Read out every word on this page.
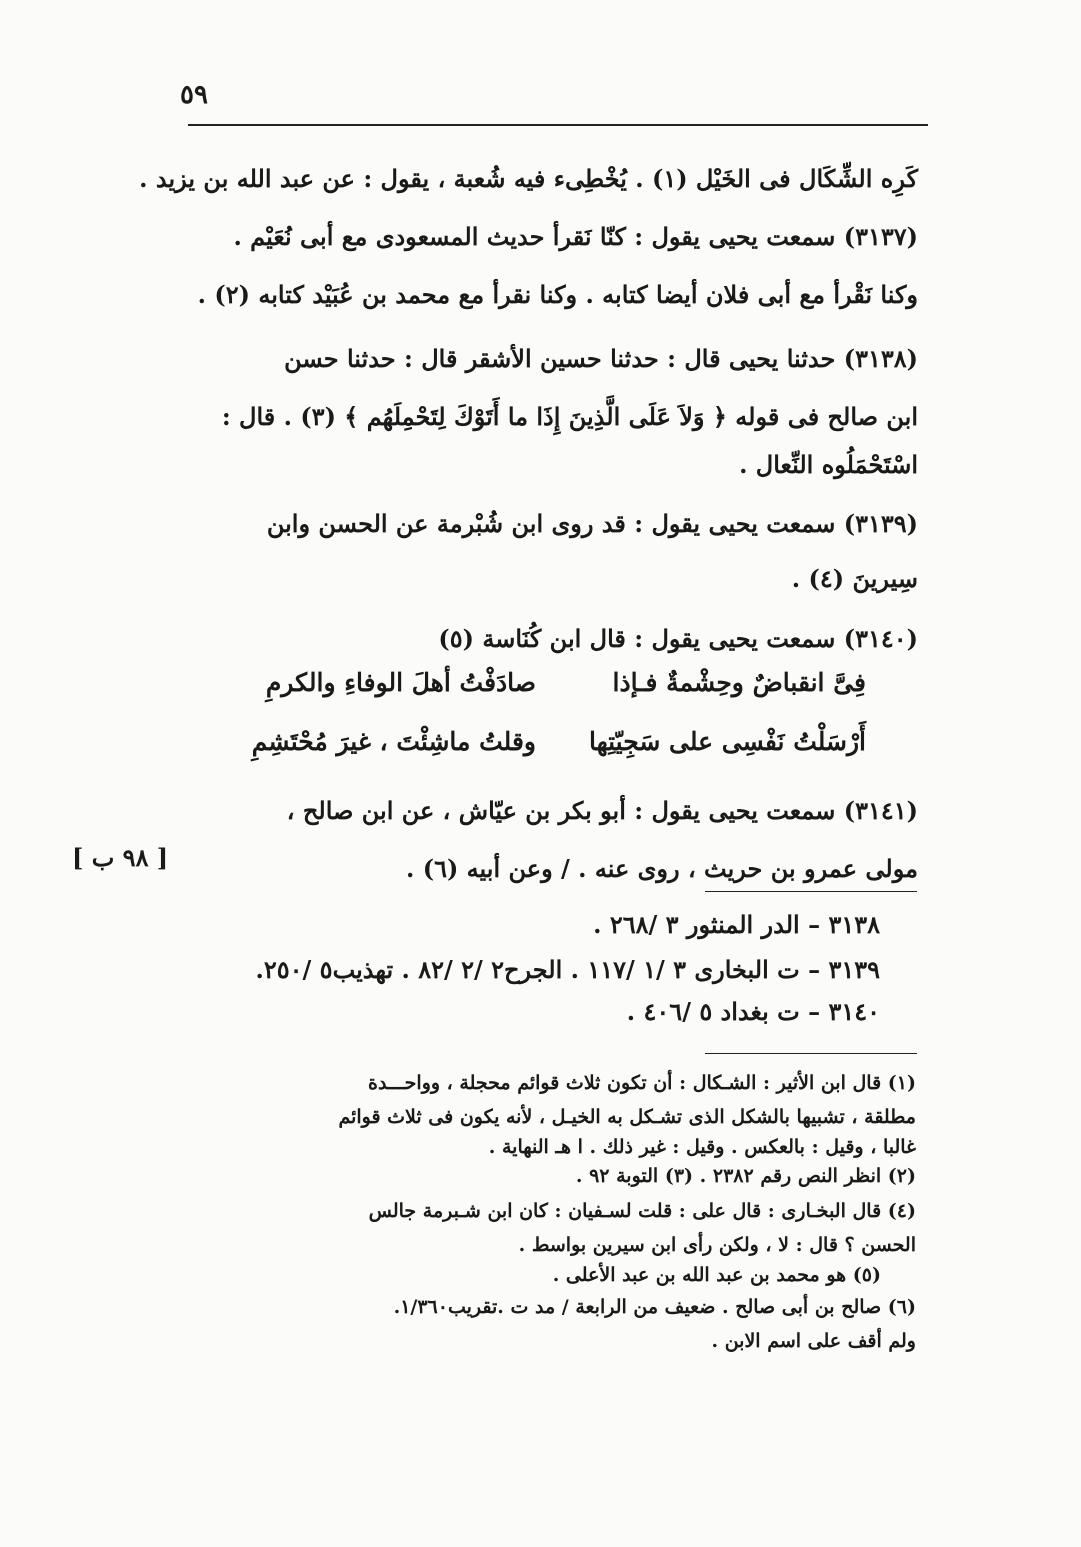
٥٩
كَرِه الشِّكَال فى الخَيْل (١) . يُخْطِىء فيه شُعبة ، يقول : عن عبد الله بن يزيد .
(٣١٣٧) سمعت يحيى يقول : كنّا نَقرأ حديث المسعودى مع أبى نُعَيْم .
وكنا نَقْرأ مع أبى فلان أيضا كتابه . وكنا نقرأ مع محمد بن عُبَيْد كتابه (٢) .
(٣١٣٨) حدثنا يحيى قال : حدثنا حسين الأشقر قال : حدثنا حسن
ابن صالح فى قوله ﴿ وَلاَ عَلَى الَّذِينَ إِذَا ما أَتَوْكَ لِتَحْمِلَهُم ﴾ (٣) . قال :
اسْتَحْمَلُوه النِّعال .
(٣١٣٩) سمعت يحيى يقول : قد روى ابن شُبْرمة عن الحسن وابن
سِيرينَ (٤) .
(٣١٤٠) سمعت يحيى يقول : قال ابن كُنَاسة (٥)
(٣١٤١) سمعت يحيى يقول : أبو بكر بن عيّاش ، عن ابن صالح ،
مولى عمرو بن حريث ، روى عنه . / وعن أبيه (٦) .
فِىَّ انقباضٌ وحِشْمةٌ فـإذا
صادَفْتُ أهلَ الوفاءِ والكرمِ
أَرْسَلْتُ نَفْسِى على سَجِيّتِها
وقلتُ ماشِئْتَ ، غيرَ مُحْتَشِمِ
[ ٩٨ ب ]
٣١٣٨ – الدر المنثور ٣ /٢٦٨ .
٣١٣٩ – ت البخارى ٣ /١ /١١٧ . الجرح٢ /٢ /٨٢ . تهذيب٥ /٢٥٠.
٣١٤٠ – ت بغداد ٥ /٤٠٦ .
(١) قال ابن الأثير : الشـكال : أن تكون ثلاث قوائم محجلة ، وواحـــدة
مطلقة ، تشبيها بالشكل الذى تشـكل به الخيـل ، لأنه يكون فى ثلاث قوائم
غالبا ، وقيل : بالعكس . وقيل : غير ذلك . ا هـ النهاية .
(٢) انظر النص رقم ٢٣٨٢ . (٣) التوبة ٩٢ .
(٤) قال البخـارى : قال على : قلت لسـفيان : كان ابن شـبرمة جالس
الحسن ؟ قال : لا ، ولكن رأى ابن سيرين بواسط .
(٥) هو محمد بن عبد الله بن عبد الأعلى .
(٦) صالح بن أبى صالح . ضعيف من الرابعة / مد ت .تقريب١/٣٦٠.
ولم أقف على اسم الابن .
